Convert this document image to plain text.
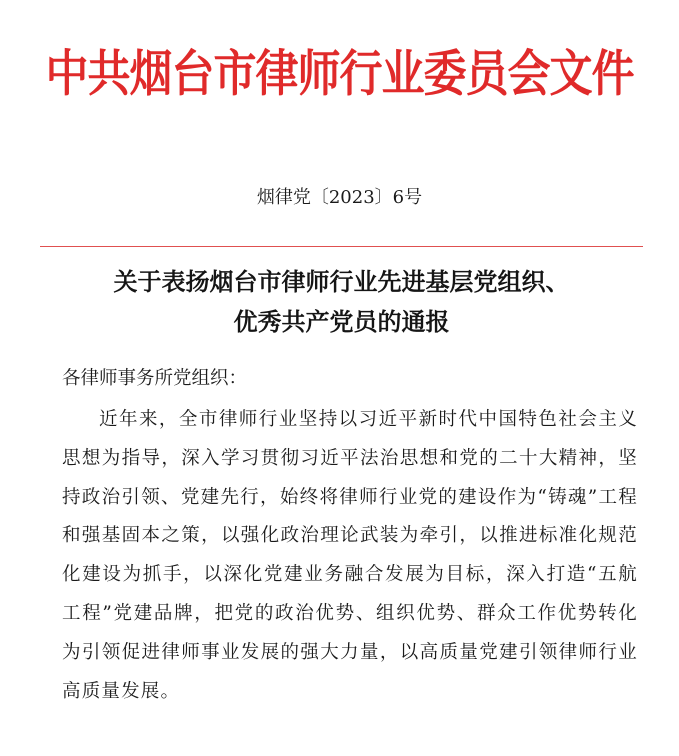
中共烟台市律师行业委员会文件
烟律党〔2023〕6号
关于表扬烟台市律师行业先进基层党组织、
优秀共产党员的通报
各律师事务所党组织：
近年来，全市律师行业坚持以习近平新时代中国特色社会主义思想为指导，深入学习贯彻习近平法治思想和党的二十大精神，坚持政治引领、党建先行，始终将律师行业党的建设作为“铸魂”工程和强基固本之策，以强化政治理论武装为牵引，以推进标准化规范化建设为抓手，以深化党建业务融合发展为目标，深入打造“五航工程”党建品牌，把党的政治优势、组织优势、群众工作优势转化为引领促进律师事业发展的强大力量，以高质量党建引领律师行业高质量发展。
